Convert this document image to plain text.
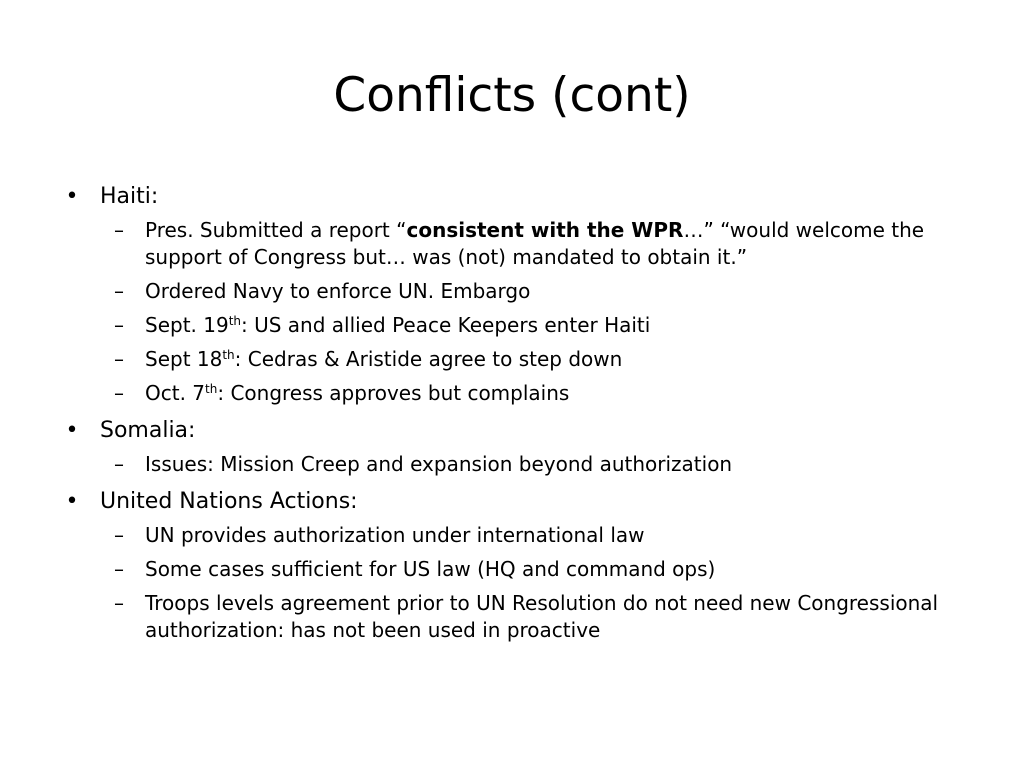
Conflicts (cont)
• Haiti:
– Pres. Submitted a report “consistent with the WPR…” “would welcome the support of Congress but… was (not) mandated to obtain it.”
– Ordered Navy to enforce UN. Embargo
– Sept. 19th: US and allied Peace Keepers enter Haiti
– Sept 18th: Cedras & Aristide agree to step down
– Oct. 7th: Congress approves but complains
• Somalia:
– Issues: Mission Creep and expansion beyond authorization
• United Nations Actions:
– UN provides authorization under international law
– Some cases sufficient for US law (HQ and command ops)
– Troops levels agreement prior to UN Resolution do not need new Congressional authorization: has not been used in proactive
